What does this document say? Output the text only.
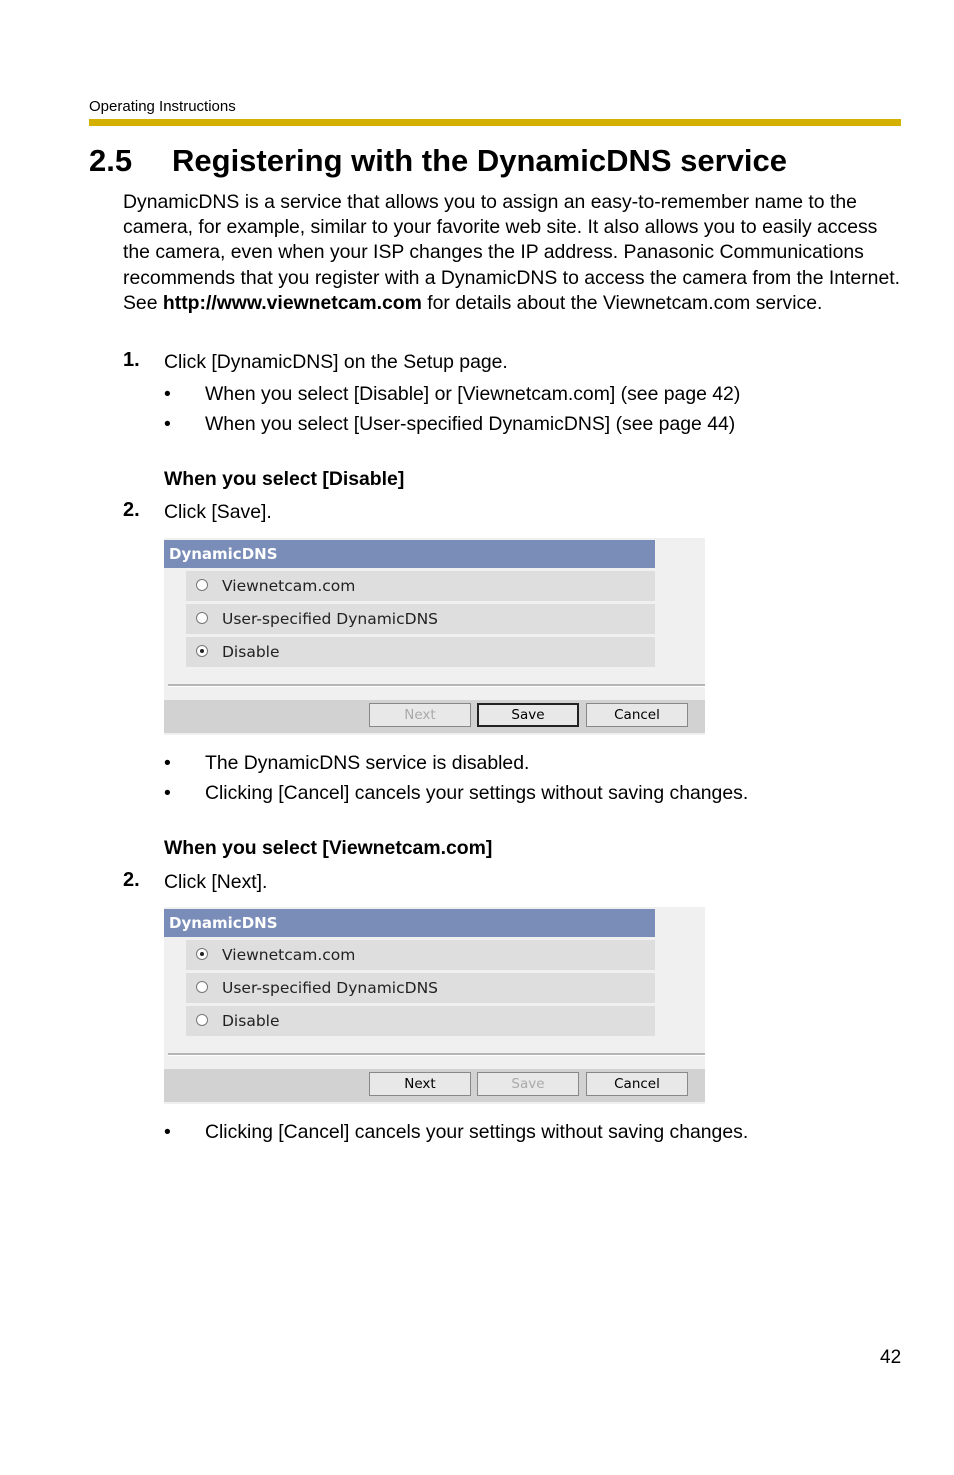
Operating Instructions
2.5 Registering with the DynamicDNS service

DynamicDNS is a service that allows you to assign an easy-to-remember name to the camera, for example, similar to your favorite web site. It also allows you to easily access the camera, even when your ISP changes the IP address. Panasonic Communications recommends that you register with a DynamicDNS to access the camera from the Internet. See http://www.viewnetcam.com for details about the Viewnetcam.com service.

1. Click [DynamicDNS] on the Setup page.
• When you select [Disable] or [Viewnetcam.com] (see page 42)
• When you select [User-specified DynamicDNS] (see page 44)
When you select [Disable]
2. Click [Save].
DynamicDNS
Viewnetcam.com
User-specified DynamicDNS
Disable
Next	Save	Cancel
• The DynamicDNS service is disabled.
• Clicking [Cancel] cancels your settings without saving changes.
When you select [Viewnetcam.com]
2. Click [Next].
DynamicDNS
Viewnetcam.com
User-specified DynamicDNS
Disable
Next	Save	Cancel
• Clicking [Cancel] cancels your settings without saving changes.
42
